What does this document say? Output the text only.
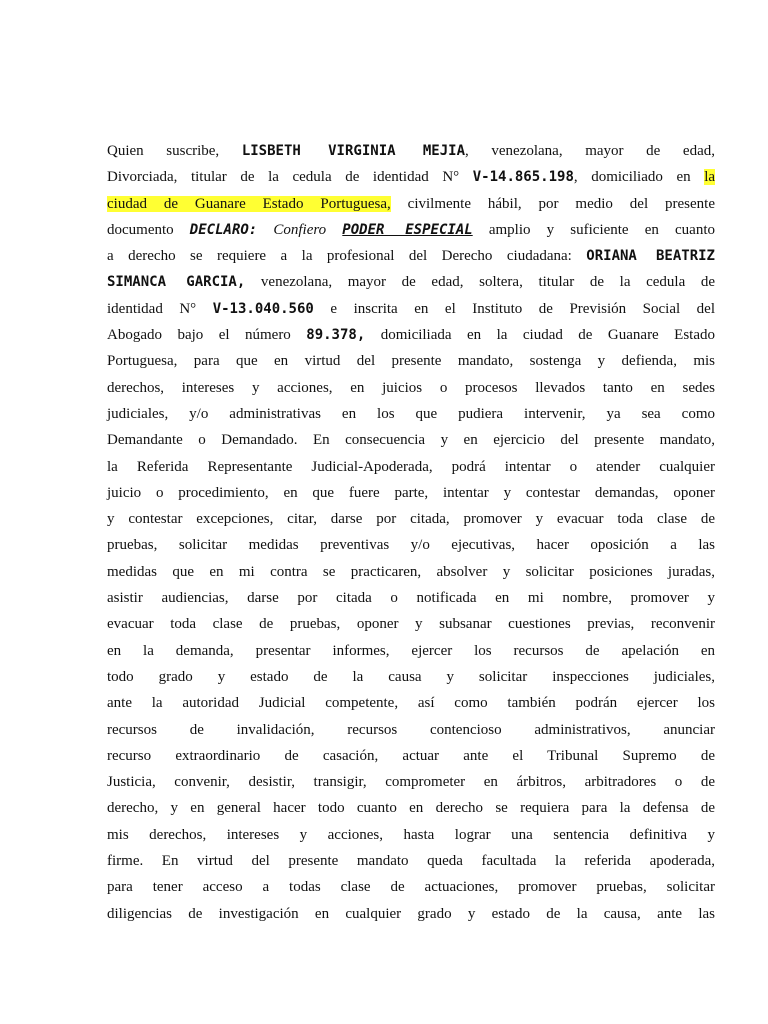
Quien suscribe, LISBETH VIRGINIA MEJIA, venezolana, mayor de edad,
Divorciada, titular de la cedula de identidad N° V-14.865.198, domiciliado en la
ciudad de Guanare Estado Portuguesa, civilmente hábil, por medio del presente
documento DECLARO: Confiero PODER ESPECIAL amplio y suficiente en cuanto
a derecho se requiere a la profesional del Derecho ciudadana: ORIANA BEATRIZ
SIMANCA GARCIA, venezolana, mayor de edad, soltera, titular de la cedula de
identidad N° V-13.040.560 e inscrita en el Instituto de Previsión Social del
Abogado bajo el número 89.378, domiciliada en la ciudad de Guanare Estado
Portuguesa, para que en virtud del presente mandato, sostenga y defienda, mis
derechos, intereses y acciones, en juicios o procesos llevados tanto en sedes
judiciales, y/o administrativas en los que pudiera intervenir, ya sea como
Demandante o Demandado. En consecuencia y en ejercicio del presente mandato,
la Referida Representante Judicial-Apoderada, podrá intentar o atender cualquier
juicio o procedimiento, en que fuere parte, intentar y contestar demandas, oponer
y contestar excepciones, citar, darse por citada, promover y evacuar toda clase de
pruebas, solicitar medidas preventivas y/o ejecutivas, hacer oposición a las
medidas que en mi contra se practicaren, absolver y solicitar posiciones juradas,
asistir audiencias, darse por citada o notificada en mi nombre, promover y
evacuar toda clase de pruebas, oponer y subsanar cuestiones previas, reconvenir
en la demanda, presentar informes, ejercer los recursos de apelación en
todo grado y estado de la causa y solicitar inspecciones judiciales,
ante la autoridad Judicial competente, así como también podrán ejercer los
recursos de invalidación, recursos contencioso administrativos, anunciar
recurso extraordinario de casación, actuar ante el Tribunal Supremo de
Justicia, convenir, desistir, transigir, comprometer en árbitros, arbitradores o de
derecho, y en general hacer todo cuanto en derecho se requiera para la defensa de
mis derechos, intereses y acciones, hasta lograr una sentencia definitiva y
firme. En virtud del presente mandato queda facultada la referida apoderada,
para tener acceso a todas clase de actuaciones, promover pruebas, solicitar
diligencias de investigación en cualquier grado y estado de la causa, ante las
